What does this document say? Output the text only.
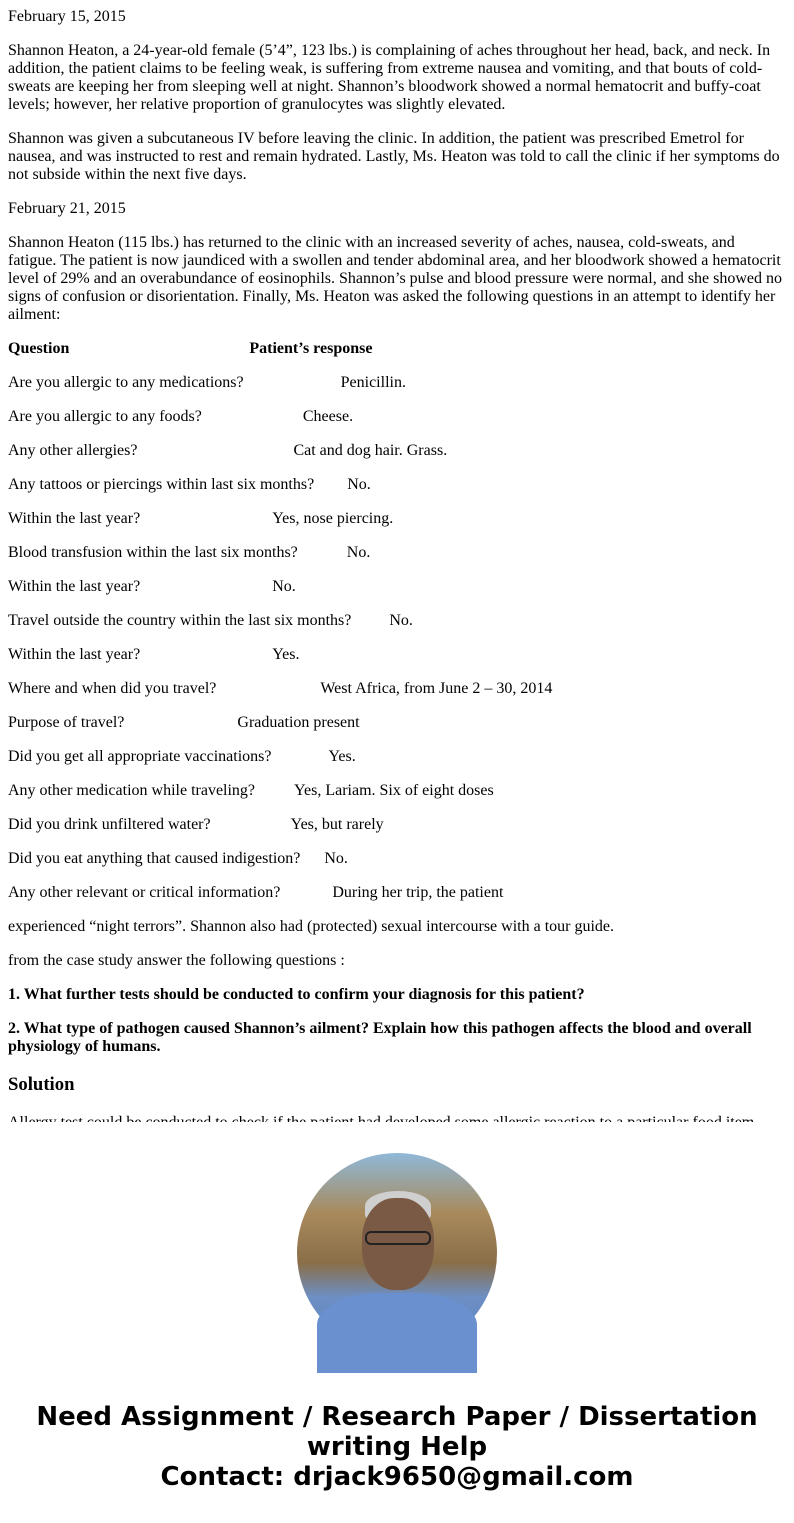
February 15, 2015

Shannon Heaton, a 24-year-old female (5’4”, 123 lbs.) is complaining of aches throughout her head, back, and neck. In addition, the patient claims to be feeling weak, is suffering from extreme nausea and vomiting, and that bouts of cold-sweats are keeping her from sleeping well at night. Shannon’s bloodwork showed a normal hematocrit and buffy-coat levels; however, her relative proportion of granulocytes was slightly elevated.

Shannon was given a subcutaneous IV before leaving the clinic. In addition, the patient was prescribed Emetrol for nausea, and was instructed to rest and remain hydrated. Lastly, Ms. Heaton was told to call the clinic if her symptoms do not subside within the next five days.

February 21, 2015

Shannon Heaton (115 lbs.) has returned to the clinic with an increased severity of aches, nausea, cold-sweats, and fatigue. The patient is now jaundiced with a swollen and tender abdominal area, and her bloodwork showed a hematocrit level of 29% and an overabundance of eosinophils. Shannon’s pulse and blood pressure were normal, and she showed no signs of confusion or disorientation. Finally, Ms. Heaton was asked the following questions in an attempt to identify her ailment:

Question	Patient’s response

Are you allergic to any medications?	Penicillin.

Are you allergic to any foods?	Cheese.

Any other allergies?	Cat and dog hair. Grass.

Any tattoos or piercings within last six months? No.

Within the last year?	Yes, nose piercing.

Blood transfusion within the last six months?	No.

Within the last year?	No.

Travel outside the country within the last six months? No.

Within the last year?	Yes.

Where and when did you travel?	West Africa, from June 2 – 30, 2014

Purpose of travel?	Graduation present

Did you get all appropriate vaccinations?	Yes.

Any other medication while traveling? Yes, Lariam. Six of eight doses

Did you drink unfiltered water?	Yes, but rarely

Did you eat anything that caused indigestion? No.

Any other relevant or critical information?	During her trip, the patient

experienced “night terrors”. Shannon also had (protected) sexual intercourse with a tour guide.

from the case study answer the following questions :

1. What further tests should be conducted to confirm your diagnosis for this patient?

2. What type of pathogen caused Shannon’s ailment? Explain how this pathogen affects the blood and overall physiology of humans.

Solution

Need Assignment / Research Paper / Dissertation writing Help
Contact: drjack9650@gmail.com
